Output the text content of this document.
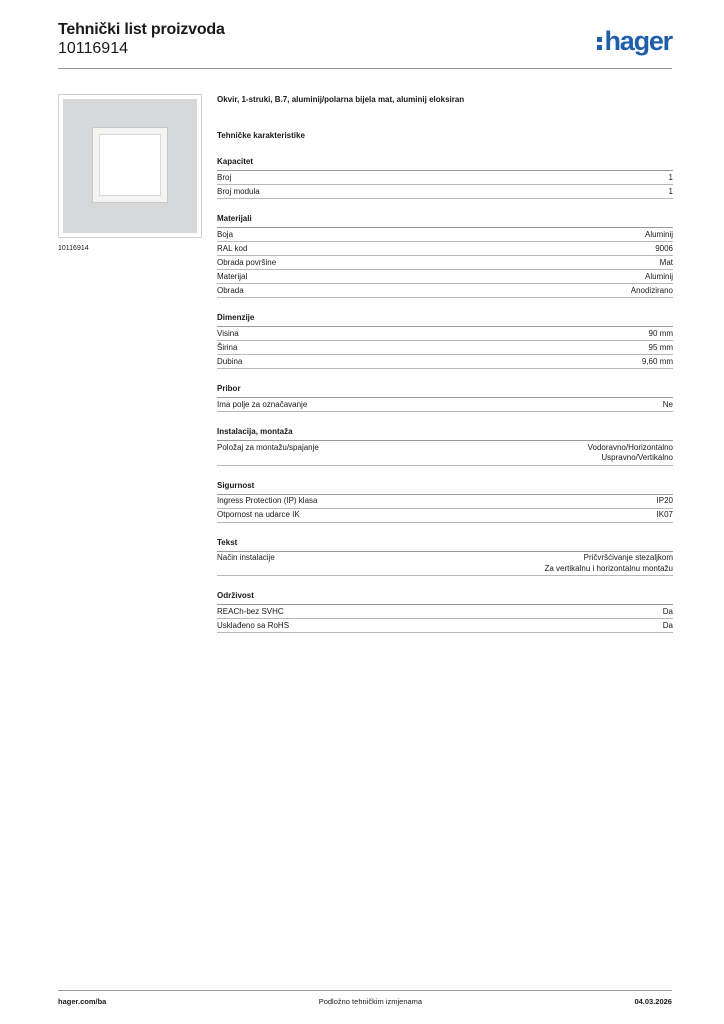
Tehnički list proizvoda
10116914	hager
10116914
Okvir, 1-struki, B.7, aluminij/polarna bijela mat, aluminij eloksiran
Tehničke karakteristike
Kapacitet
Broj	1
Broj modula	1
Materijali
Boja	Aluminij
RAL kod	9006
Obrada površine	Mat
Materijal	Aluminij
Obrada	Anodizirano
Dimenzije
Visina	90 mm
Širina	95 mm
Dubina	9,60 mm
Pribor
Ima polje za označavanje	Ne
Instalacija, montaža
Položaj za montažu/spajanje	Vodoravno/Horizontalno
Uspravno/Vertikalno
Sigurnost
Ingress Protection (IP) klasa	IP20
Otpornost na udarce IK	IK07
Tekst
Način instalacije	Pričvršćivanje stezaljkom
Za vertikalnu i horizontalnu montažu
Održivost
REACh-bez SVHC	Da
Usklađeno sa RoHS	Da
hager.com/ba	Podložno tehničkim izmjenama	04.03.2026
